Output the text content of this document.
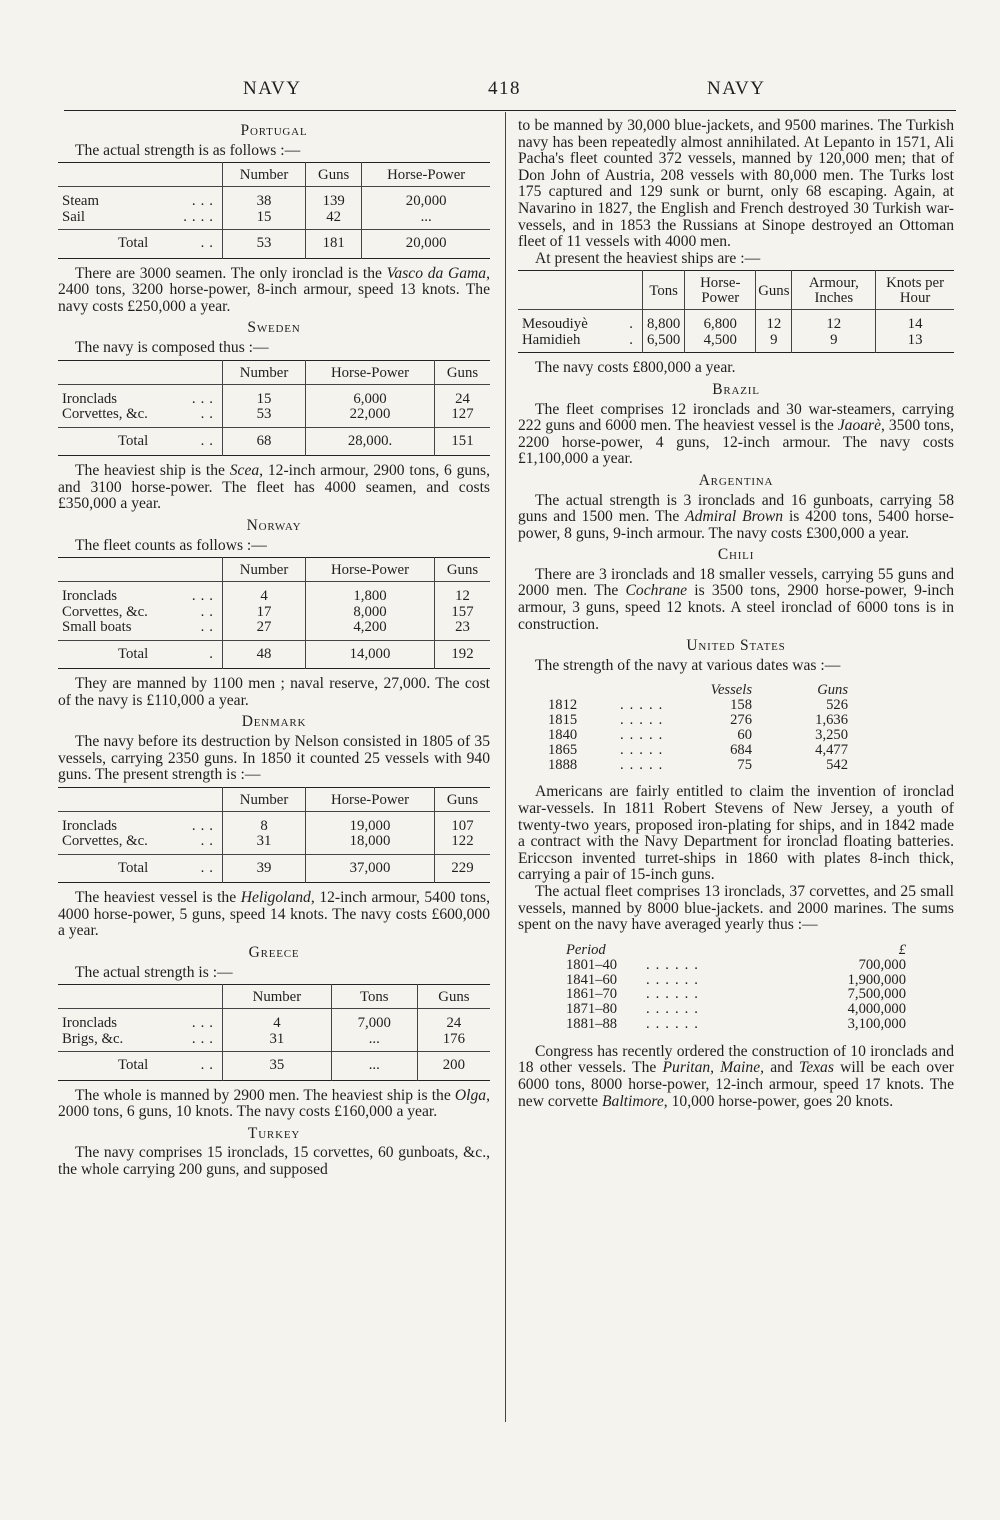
NAVY	418	NAVY
Portugal
The actual strength is as follows :—
	Number	Guns	Horse-Power
Steam ...	38	139	20,000
Sail ....	15	42	...
Total ..	53	181	20,000
There are 3000 seamen. The only ironclad is the Vasco da Gama, 2400 tons, 3200 horse-power, 8-inch armour, speed 13 knots. The navy costs £250,000 a year.
Sweden
The navy is composed thus :—
	Number	Horse-Power	Guns
Ironclads ...	15	6,000	24
Corvettes, &c. ..	53	22,000	127
Total ..	68	28,000.	151
The heaviest ship is the Scea, 12-inch armour, 2900 tons, 6 guns, and 3100 horse-power. The fleet has 4000 seamen, and costs £350,000 a year.
Norway
The fleet counts as follows :—
	Number	Horse-Power	Guns
Ironclads ...	4	1,800	12
Corvettes, &c. ..	17	8,000	157
Small boats ..	27	4,200	23
Total .	48	14,000	192
They are manned by 1100 men ; naval reserve, 27,000. The cost of the navy is £110,000 a year.
Denmark
The navy before its destruction by Nelson consisted in 1805 of 35 vessels, carrying 2350 guns. In 1850 it counted 25 vessels with 940 guns. The present strength is :—
	Number	Horse-Power	Guns
Ironclads ...	8	19,000	107
Corvettes, &c. ..	31	18,000	122
Total ..	39	37,000	229
The heaviest vessel is the Heligoland, 12-inch armour, 5400 tons, 4000 horse-power, 5 guns, speed 14 knots. The navy costs £600,000 a year.
Greece
The actual strength is :—
	Number	Tons	Guns
Ironclads ...	4	7,000	24
Brigs, &c. ...	31	...	176
Total ..	35	...	200
The whole is manned by 2900 men. The heaviest ship is the Olga, 2000 tons, 6 guns, 10 knots. The navy costs £160,000 a year.
Turkey
The navy comprises 15 ironclads, 15 corvettes, 60 gunboats, &c., the whole carrying 200 guns, and supposed
to be manned by 30,000 blue-jackets, and 9500 marines. The Turkish navy has been repeatedly almost annihilated. At Lepanto in 1571, Ali Pacha's fleet counted 372 vessels, manned by 120,000 men; that of Don John of Austria, 208 vessels with 80,000 men. The Turks lost 175 captured and 129 sunk or burnt, only 68 escaping. Again, at Navarino in 1827, the English and French destroyed 30 Turkish war-vessels, and in 1853 the Russians at Sinope destroyed an Ottoman fleet of 11 vessels with 4000 men.
At present the heaviest ships are :—
	Tons	Horse-Power	Guns	Armour, Inches	Knots per Hour
Mesoudiyè .	8,800	6,800	12	12	14
Hamidieh .	6,500	4,500	9	9	13
The navy costs £800,000 a year.
Brazil
The fleet comprises 12 ironclads and 30 war-steamers, carrying 222 guns and 6000 men. The heaviest vessel is the Jaoarè, 3500 tons, 2200 horse-power, 4 guns, 12-inch armour. The navy costs £1,100,000 a year.
Argentina
The actual strength is 3 ironclads and 16 gunboats, carrying 58 guns and 1500 men. The Admiral Brown is 4200 tons, 5400 horse-power, 8 guns, 9-inch armour. The navy costs £300,000 a year.
Chili
There are 3 ironclads and 18 smaller vessels, carrying 55 guns and 2000 men. The Cochrane is 3500 tons, 2900 horse-power, 9-inch armour, 3 guns, speed 12 knots. A steel ironclad of 6000 tons is in construction.
United States
The strength of the navy at various dates was :—
Vessels	Guns
1812	.....	158	526
1815	.....	276	1,636
1840	.....	60	3,250
1865	.....	684	4,477
1888	.....	75	542
Americans are fairly entitled to claim the invention of ironclad war-vessels. In 1811 Robert Stevens of New Jersey, a youth of twenty-two years, proposed iron-plating for ships, and in 1842 made a contract with the Navy Department for ironclad floating batteries. Ericcson invented turret-ships in 1860 with plates 8-inch thick, carrying a pair of 15-inch guns.
The actual fleet comprises 13 ironclads, 37 corvettes, and 25 small vessels, manned by 8000 blue-jackets. and 2000 marines. The sums spent on the navy have averaged yearly thus :—
Period	£
1801–40	......	700,000
1841–60	......	1,900,000
1861–70	......	7,500,000
1871–80	......	4,000,000
1881–88	......	3,100,000
Congress has recently ordered the construction of 10 ironclads and 18 other vessels. The Puritan, Maine, and Texas will be each over 6000 tons, 8000 horse-power, 12-inch armour, speed 17 knots. The new corvette Baltimore, 10,000 horse-power, goes 20 knots.
